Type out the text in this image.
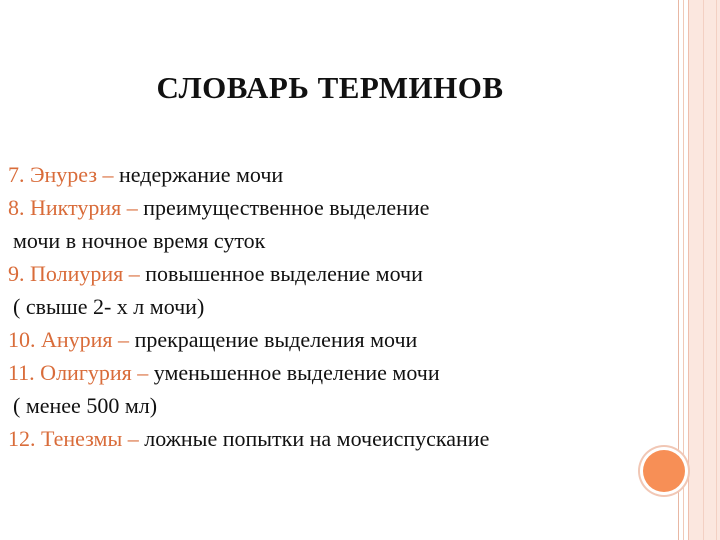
СЛОВАРЬ ТЕРМИНОВ
7. Энурез – недержание мочи
8. Никтурия – преимущественное выделение
мочи в ночное время суток
9. Полиурия – повышенное выделение мочи
( свыше 2- х л мочи)
10. Анурия – прекращение выделения мочи
11. Олигурия – уменьшенное выделение мочи
( менее 500 мл)
12. Тенезмы – ложные попытки на мочеиспускание
